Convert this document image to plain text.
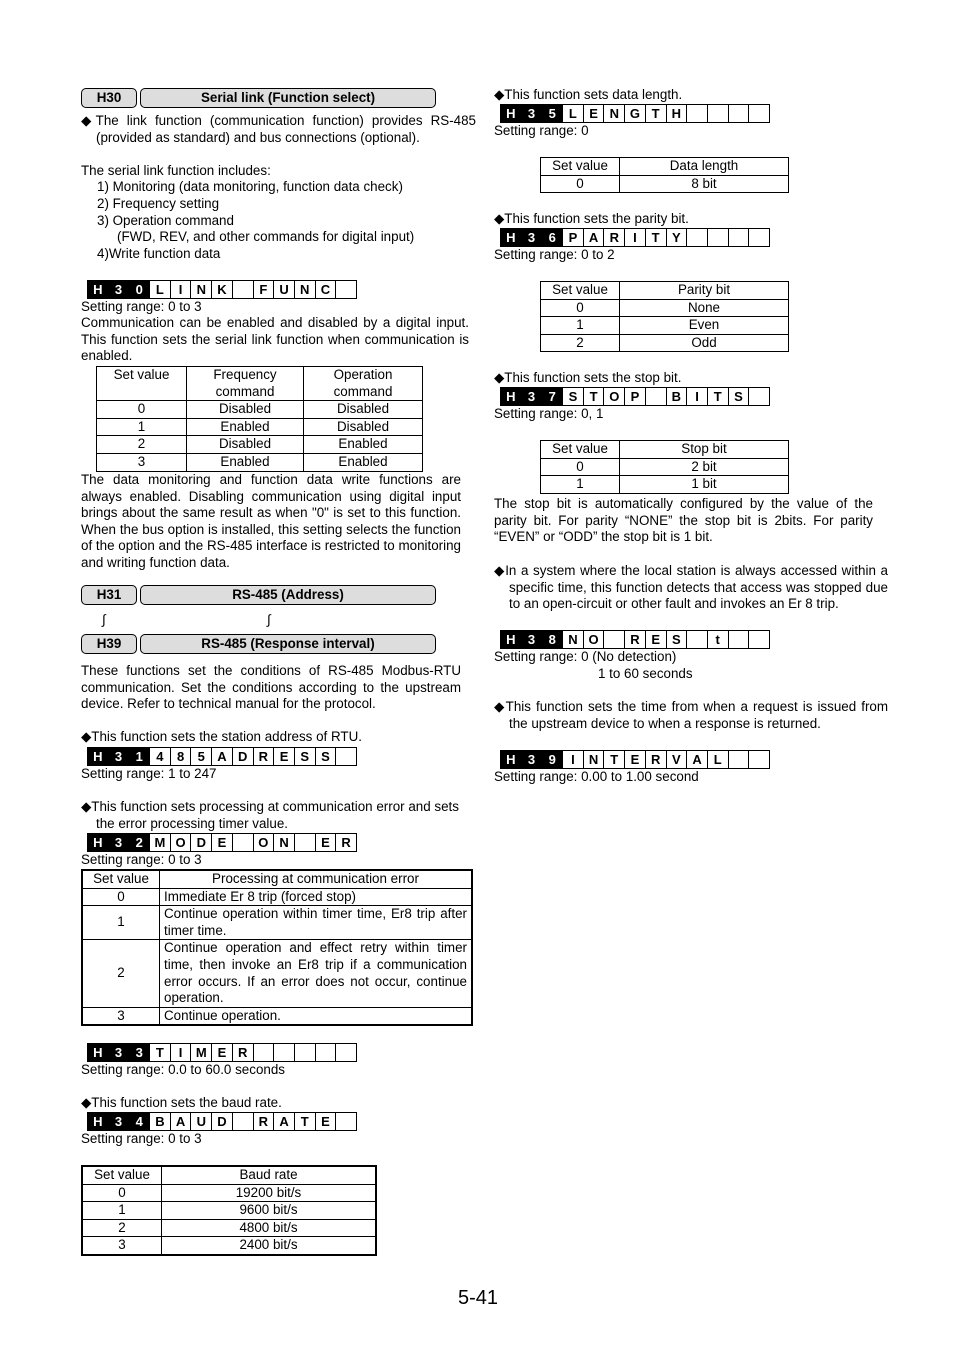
H30	Serial link (Function select)
◆The link function (communication function) provides RS-485 (provided as standard) and bus connections (optional).
The serial link function includes:
1) Monitoring (data monitoring, function data check)
2) Frequency setting
3) Operation command
(FWD, REV, and other commands for digital input)
4)Write function data
H 3	0	L	I	N K	F U N C
Setting range: 0 to 3
Communication can be enabled and disabled by a digital input. This function sets the serial link function when communication is enabled.
Set value	Frequency command	Operation command
0	Disabled	Disabled
1	Enabled	Disabled
2	Disabled	Enabled
3	Enabled	Enabled
The data monitoring and function data write functions are always enabled. Disabling communication using digital input brings about the same result as when "0" is set to this function. When the bus option is installed, this setting selects the function of the option and the RS-485 interface is restricted to monitoring and writing function data.
H31	RS-485 (Address)
∫	∫
H39	RS-485 (Response interval)
These functions set the conditions of RS-485 Modbus-RTU communication. Set the conditions according to the upstream device. Refer to technical manual for the protocol.
◆This function sets the station address of RTU.
H 3	1	4	8	5 A D R E S S
Setting range: 1 to 247
◆This function sets processing at communication error and sets the error processing timer value.
H 3	2 M O D E	O N	E R
Setting range: 0 to 3
Set value	Processing at communication error
0	Immediate Er 8 trip (forced stop)
1	Continue operation within timer time, Er8 trip after timer time.
2	Continue operation and effect retry within timer time, then invoke an Er8 trip if a communication error occurs. If an error does not occur, continue operation.
3	Continue operation.
H 3	3	T	I	M E R
Setting range: 0.0 to 60.0 seconds
◆This function sets the baud rate.
H 3	4 B A U D	R A T E
Setting range: 0 to 3
Set value	Baud rate
0	19200 bit/s
1	9600 bit/s
2	4800 bit/s
3	2400 bit/s
◆This function sets data length.
H 3	5	L E N G T H
Setting range: 0
Set value	Data length
0	8 bit
◆This function sets the parity bit.
H 3	6 P A R	I	T Y
Setting range: 0 to 2
Set value	Parity bit
0	None
1	Even
2	Odd
◆This function sets the stop bit.
H 3	7 S T O P	B	I	T S
Setting range: 0, 1
Set value	Stop bit
0	2 bit
1	1 bit
The stop bit is automatically configured by the value of the parity bit. For parity “NONE” the stop bit is 2bits. For parity “EVEN” or “ODD” the stop bit is 1 bit.
◆In a system where the local station is always accessed within a specific time, this function detects that access was stopped due to an open-circuit or other fault and invokes an Er 8 trip.
H 3	8 N O	R E S	t
Setting range: 0 (No detection)
1 to 60 seconds
◆This function sets the time from when a request is issued from the upstream device to when a response is returned.
H 3	9	I	N T E R V A L
Setting range: 0.00 to 1.00 second
5-41
